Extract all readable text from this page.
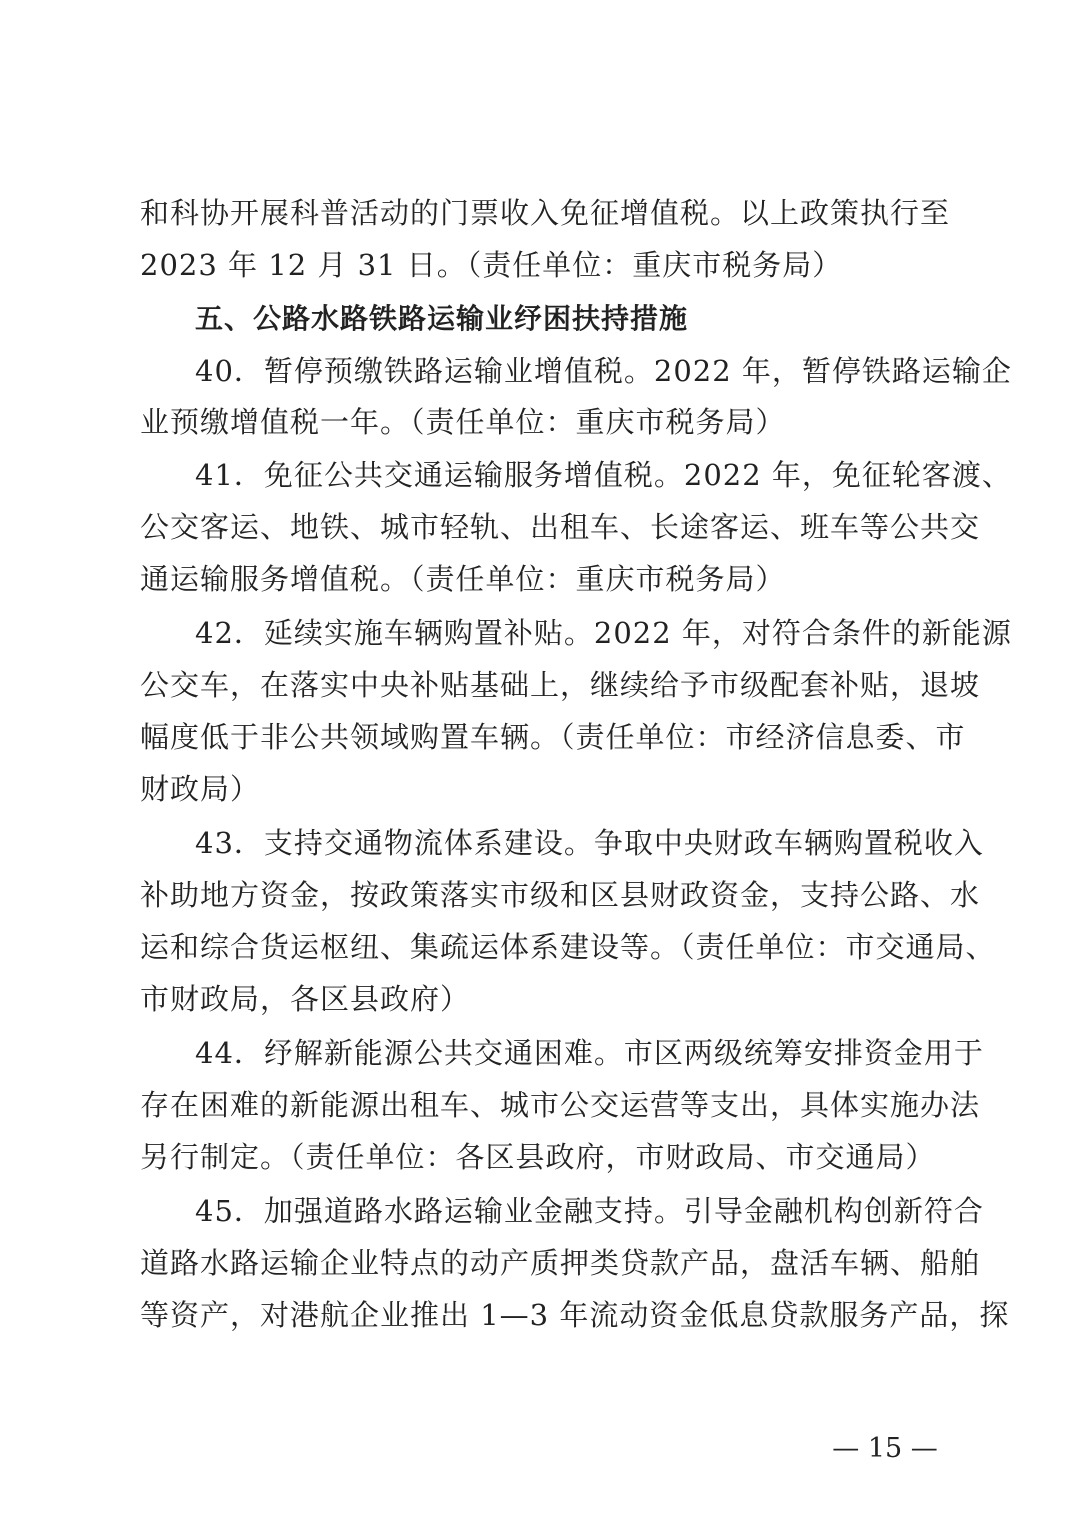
和科协开展科普活动的门票收入免征增值税。以上政策执行至
2023 年 12 月 31 日。（责任单位：重庆市税务局）
五、公路水路铁路运输业纾困扶持措施
40．暂停预缴铁路运输业增值税。2022 年，暂停铁路运输企
业预缴增值税一年。（责任单位：重庆市税务局）
41．免征公共交通运输服务增值税。2022 年，免征轮客渡、
公交客运、地铁、城市轻轨、出租车、长途客运、班车等公共交
通运输服务增值税。（责任单位：重庆市税务局）
42．延续实施车辆购置补贴。2022 年，对符合条件的新能源
公交车，在落实中央补贴基础上，继续给予市级配套补贴，退坡
幅度低于非公共领域购置车辆。（责任单位：市经济信息委、市
财政局）
43．支持交通物流体系建设。争取中央财政车辆购置税收入
补助地方资金，按政策落实市级和区县财政资金，支持公路、水
运和综合货运枢纽、集疏运体系建设等。（责任单位：市交通局、
市财政局，各区县政府）
44．纾解新能源公共交通困难。市区两级统筹安排资金用于
存在困难的新能源出租车、城市公交运营等支出，具体实施办法
另行制定。（责任单位：各区县政府，市财政局、市交通局）
45．加强道路水路运输业金融支持。引导金融机构创新符合
道路水路运输企业特点的动产质押类贷款产品，盘活车辆、船舶
等资产，对港航企业推出 1—3 年流动资金低息贷款服务产品，探
— 15 —
